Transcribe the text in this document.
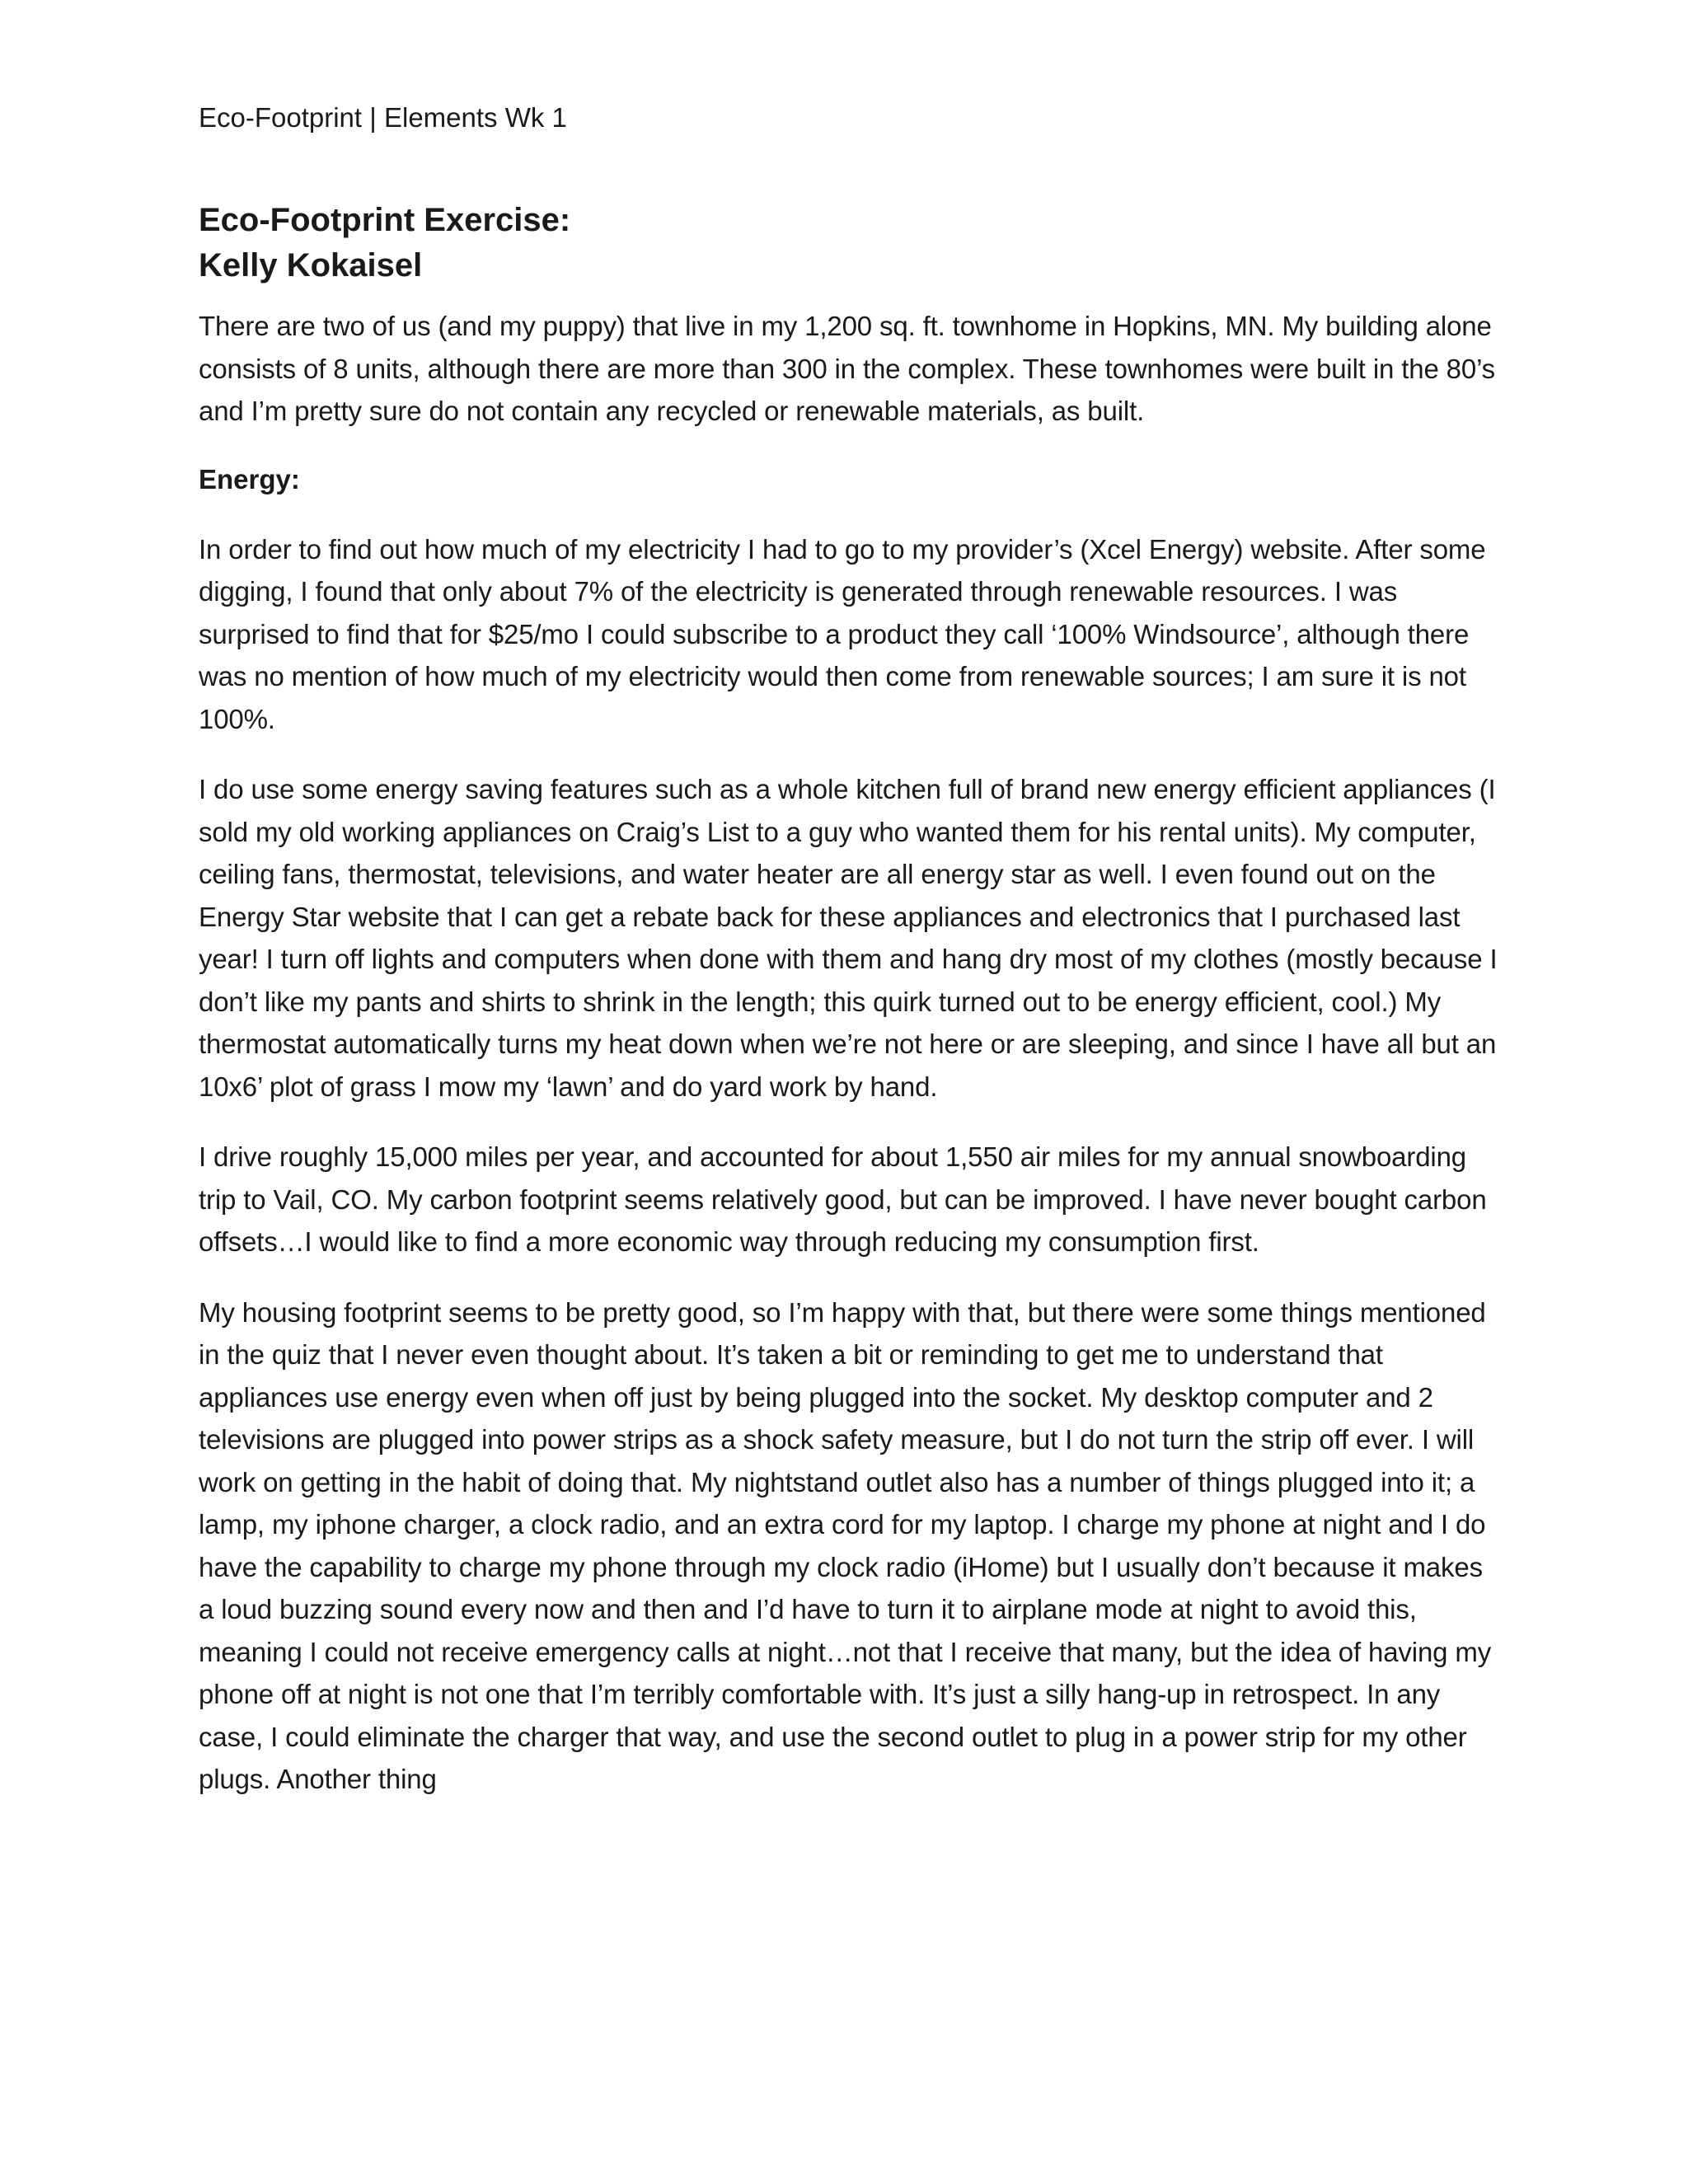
Eco-Footprint | Elements Wk 1

Eco-Footprint Exercise:

Kelly Kokaisel

There are two of us (and my puppy) that live in my 1,200 sq. ft. townhome in Hopkins, MN. My building alone consists of 8 units, although there are more than 300 in the complex. These townhomes were built in the 80’s and I’m pretty sure do not contain any recycled or renewable materials, as built.

Energy:

In order to find out how much of my electricity I had to go to my provider’s (Xcel Energy) website. After some digging, I found that only about 7% of the electricity is generated through renewable resources. I was surprised to find that for $25/mo I could subscribe to a product they call ‘100% Windsource’, although there was no mention of how much of my electricity would then come from renewable sources; I am sure it is not 100%.

I do use some energy saving features such as a whole kitchen full of brand new energy efficient appliances (I sold my old working appliances on Craig’s List to a guy who wanted them for his rental units). My computer, ceiling fans, thermostat, televisions, and water heater are all energy star as well. I even found out on the Energy Star website that I can get a rebate back for these appliances and electronics that I purchased last year! I turn off lights and computers when done with them and hang dry most of my clothes (mostly because I don’t like my pants and shirts to shrink in the length; this quirk turned out to be energy efficient, cool.) My thermostat automatically turns my heat down when we’re not here or are sleeping, and since I have all but an 10x6’ plot of grass I mow my ‘lawn’ and do yard work by hand.

I drive roughly 15,000 miles per year, and accounted for about 1,550 air miles for my annual snowboarding trip to Vail, CO. My carbon footprint seems relatively good, but can be improved. I have never bought carbon offsets…I would like to find a more economic way through reducing my consumption first.

My housing footprint seems to be pretty good, so I’m happy with that, but there were some things mentioned in the quiz that I never even thought about. It’s taken a bit or reminding to get me to understand that appliances use energy even when off just by being plugged into the socket. My desktop computer and 2 televisions are plugged into power strips as a shock safety measure, but I do not turn the strip off ever. I will work on getting in the habit of doing that. My nightstand outlet also has a number of things plugged into it; a lamp, my iphone charger, a clock radio, and an extra cord for my laptop. I charge my phone at night and I do have the capability to charge my phone through my clock radio (iHome) but I usually don’t because it makes a loud buzzing sound every now and then and I’d have to turn it to airplane mode at night to avoid this, meaning I could not receive emergency calls at night…not that I receive that many, but the idea of having my phone off at night is not one that I’m terribly comfortable with. It’s just a silly hang-up in retrospect. In any case, I could eliminate the charger that way, and use the second outlet to plug in a power strip for my other plugs. Another thing
